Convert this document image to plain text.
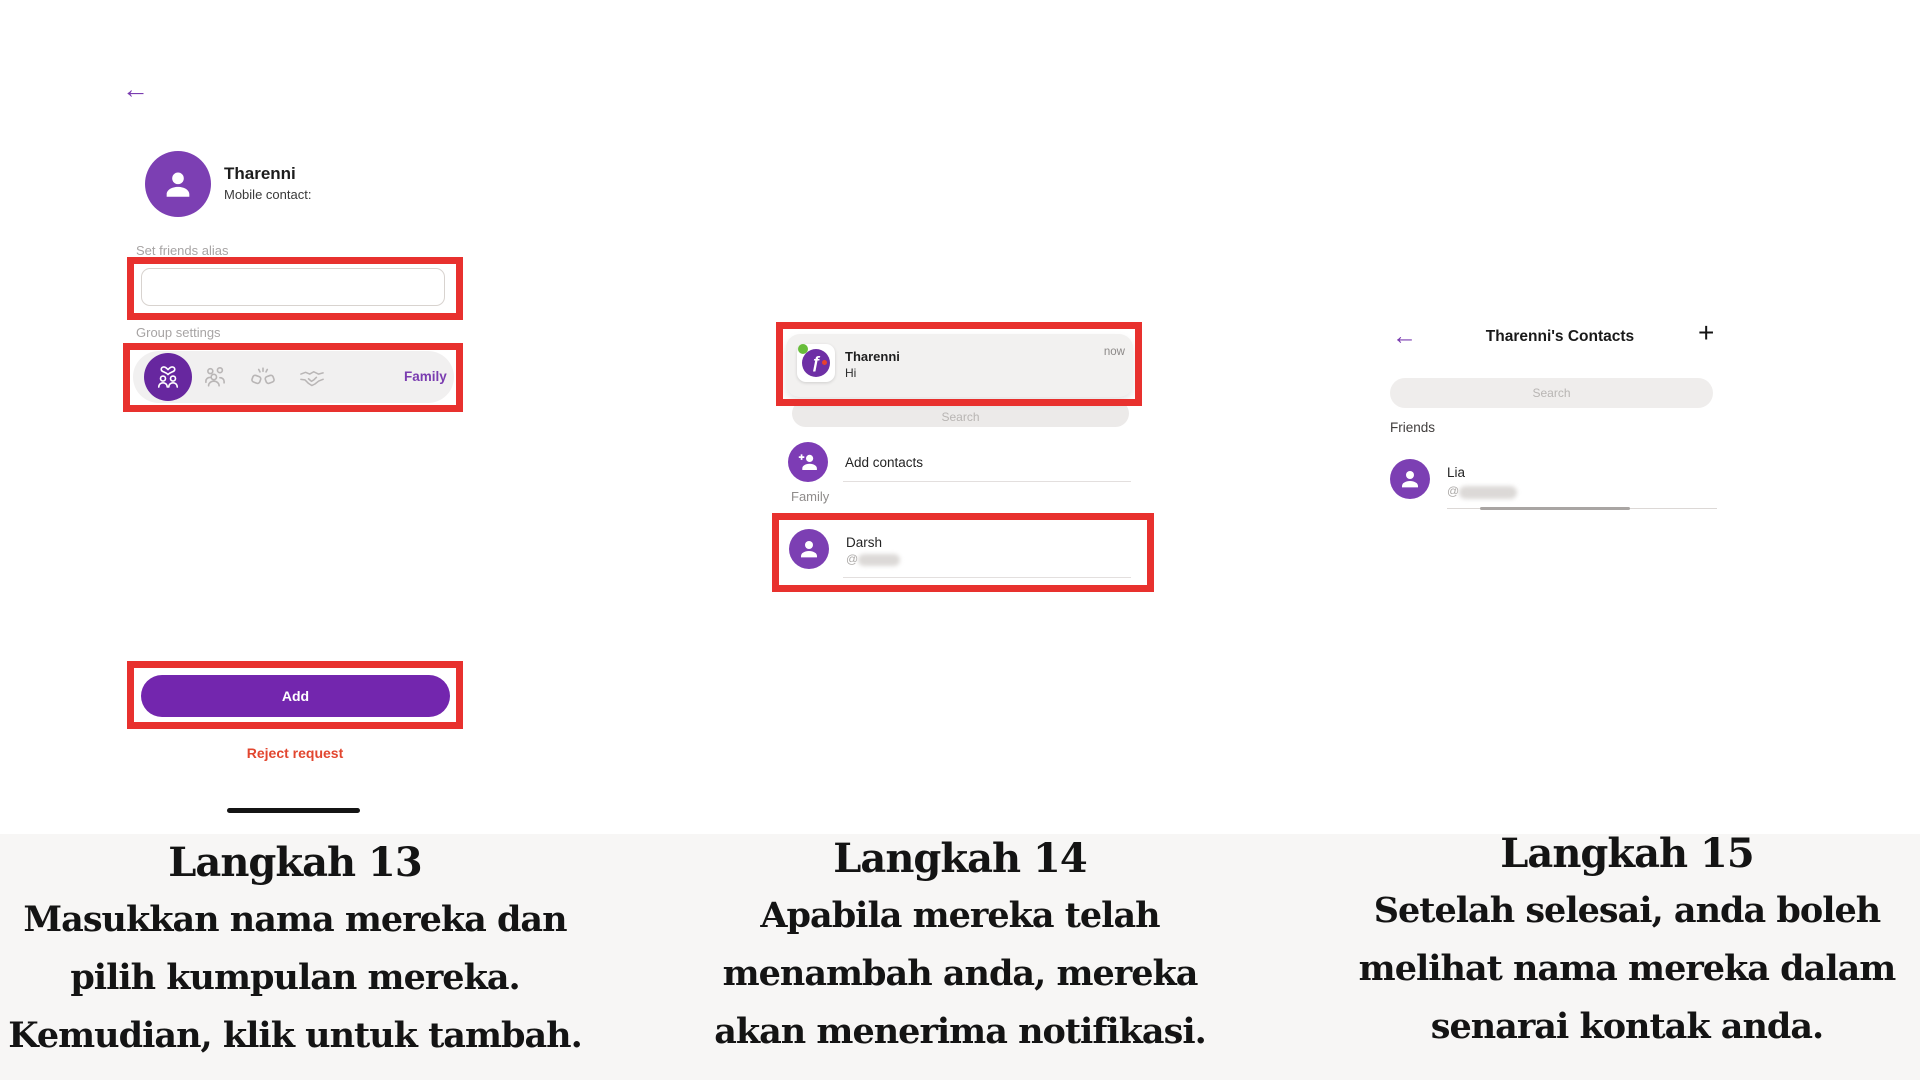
←
Tharenni
Mobile contact:
Set friends alias
Group settings
Family
Add
Reject request
Search
ƒ	Tharenni
Hi
now
Add contacts
Family
Darsh
@
←	Tharenni's Contacts	+
Search
Friends
Lia
@
Langkah 13
Masukkan nama mereka dan
pilih kumpulan mereka.
Kemudian, klik untuk tambah.
Langkah 14
Apabila mereka telah
menambah anda, mereka
akan menerima notifikasi.
Langkah 15
Setelah selesai, anda boleh
melihat nama mereka dalam
senarai kontak anda.
